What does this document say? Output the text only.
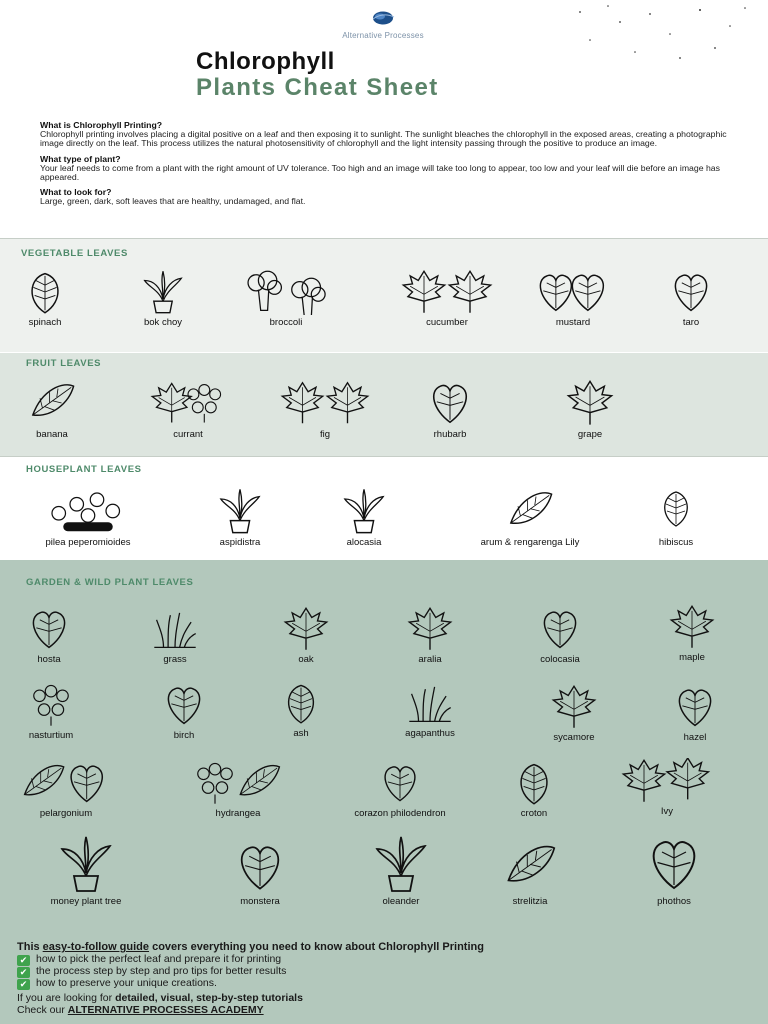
Alternative Processes
Chlorophyll
Plants Cheat Sheet
What is Chlorophyll Printing?
Chlorophyll printing involves placing a digital positive on a leaf and then exposing it to sunlight. The sunlight bleaches the chlorophyll in the exposed areas, creating a photographic image directly on the leaf. This process utilizes the natural photosensitivity of chlorophyll and the light intensity passing through the positive to produce an image.
What type of plant?
Your leaf needs to come from a plant with the right amount of UV tolerance. Too high and an image will take too long to appear, too low and your leaf will die before an image has appeared.
What to look for?
Large, green, dark, soft leaves that are healthy, undamaged, and flat.
VEGETABLE LEAVES
spinach	bok choy	broccoli	cucumber	mustard	taro
FRUIT LEAVES
banana	currant	fig	rhubarb	grape
HOUSEPLANT LEAVES
pilea peperomioides	aspidistra	alocasia	arum & rengarenga Lily	hibiscus
GARDEN & WILD PLANT LEAVES
hosta	grass	oak	aralia	colocasia	maple
nasturtium	birch	ash	agapanthus	sycamore	hazel
pelargonium	hydrangea	corazon philodendron	croton	Ivy
money plant tree	monstera	oleander	strelitzia	phothos
This easy-to-follow guide covers everything you need to know about Chlorophyll Printing
✔ how to pick the perfect leaf and prepare it for printing
✔ the process step by step and pro tips for better results
✔ how to preserve your unique creations.
If you are looking for detailed, visual, step-by-step tutorials
Check our ALTERNATIVE PROCESSES ACADEMY
